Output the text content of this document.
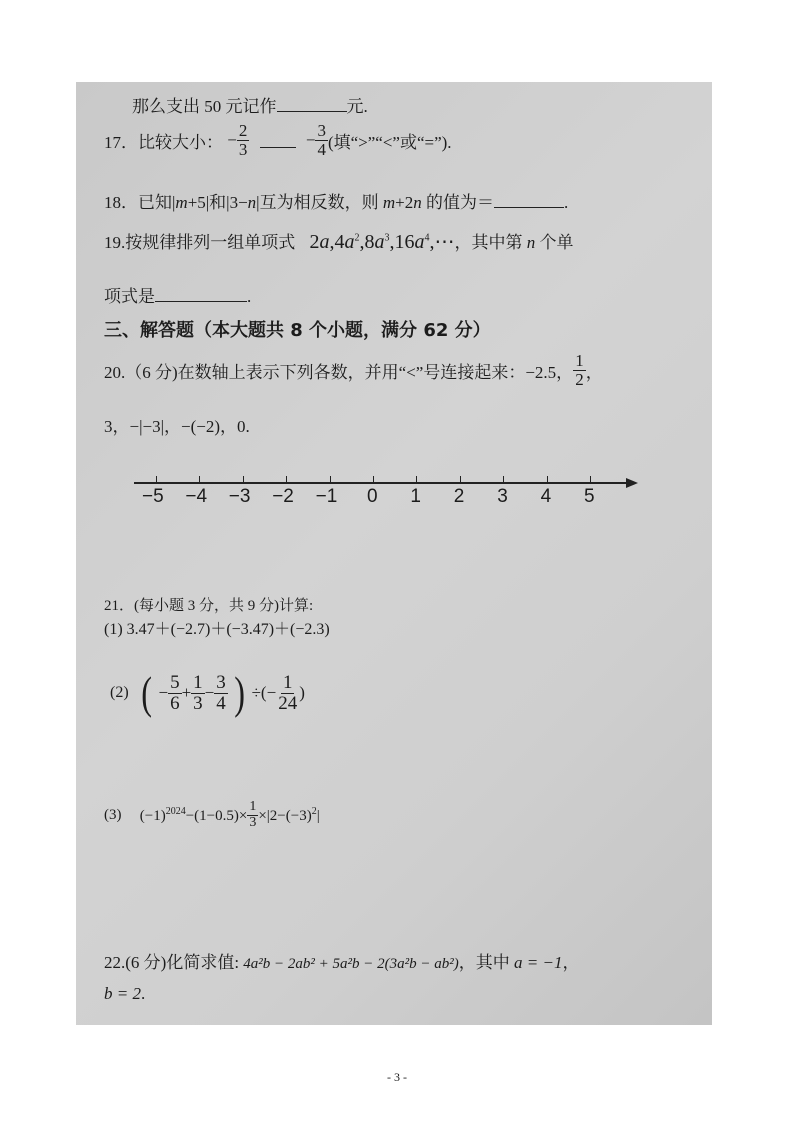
那么支出 50 元记作	元.
17．比较大小： − $\frac{2}{3}$	− $\frac{3}{4}$ (填“>”“<”或“=”).
18．已知|m+5|和|3−n|互为相反数，则 m+2n 的值为＝	.
19.按规律排列一组单项式 $2a,4a^2,8a^3,16a^4,\cdots$，其中第 n 个单
项式是	.
三、解答题（本大题共 8 个小题，满分 62 分）
20.（6 分)在数轴上表示下列各数，并用“<”号连接起来：−2.5， $\frac{1}{2}$ ，
3，−|−3|，−(−2)，0.
−5 −4 −3 −2 −1 0 1 2 3 4 5
21．(每小题 3 分，共 9 分)计算:
(1) 3.47＋(−2.7)＋(−3.47)＋(−2.3)
(2) ( − $\frac{5}{6} + \frac{1}{3} - \frac{3}{4}$ ) ÷(− $\frac{1}{24}$ )
(3) $(-1)^{2024}-(1-0.5)\times \frac{1}{3} \times|2-(-3)^2|$
22.(6 分)化简求值: 4a²b − 2ab² + 5a²b − 2(3a²b − ab²)，其中 a = −1，
b = 2.
- 3 -
